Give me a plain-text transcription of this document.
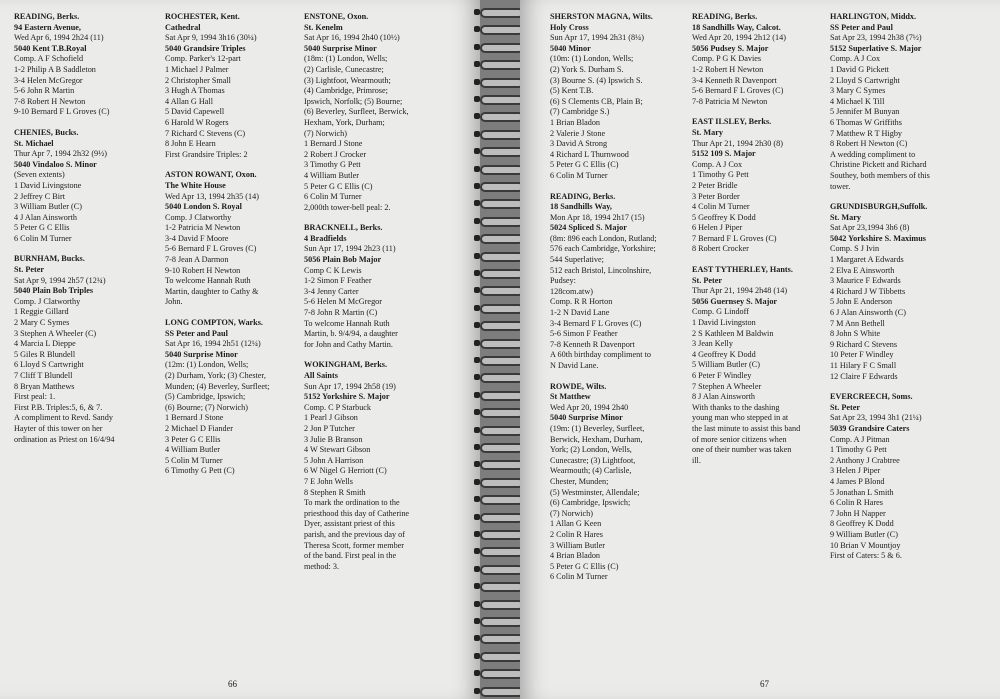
READING, Berks.
94 Eastern Avenue,
Wed Apr 6, 1994 2h24 (11)
5040 Kent T.B.Royal
Comp. A F Schofield
1-2 Philip A B Saddleton
3-4 Helen McGregor
5-6 John R Martin
7-8 Robert H Newton
9-10 Bernard F L Groves (C)
CHENIES, Bucks.
St. Michael
Thur Apr 7, 1994 2h32 (9½)
5040 Vindaloo S. Minor
(Seven extents)
1 David Livingstone
2 Jeffrey C Birt
3 William Butler (C)
4 J Alan Ainsworth
5 Peter G C Ellis
6 Colin M Turner
BURNHAM, Bucks.
St. Peter
Sat Apr 9, 1994 2h57 (12¾)
5040 Plain Bob Triples
Comp. J Clatworthy
1 Reggie Gillard
2 Mary C Symes
3 Stephen A Wheeler (C)
4 Marcia L Dieppe
5 Giles R Blundell
6 Lloyd S Cartwright
7 Cliff T Blundell
8 Bryan Matthews
First peal: 1.
First P.B. Triples:5, 6, & 7.
A compliment to Revd. Sandy
Hayter of this tower on her
ordination as Priest on 16/4/94
ROCHESTER, Kent.
Cathedral
Sat Apr 9, 1994 3h16 (30¼)
5040 Grandsire Triples
Comp. Parker's 12-part
1 Michael J Palmer
2 Christopher Small
3 Hugh A Thomas
4 Allan G Hall
5 David Capewell
6 Harold W Rogers
7 Richard C Stevens (C)
8 John E Hearn
First Grandsire Triples: 2
ASTON ROWANT, Oxon.
The White House
Wed Apr 13, 1994 2h35 (14)
5040 London S. Royal
Comp. J Clatworthy
1-2 Patricia M Newton
3-4 David F Moore
5-6 Bernard F L Groves (C)
7-8 Jean A Darmon
9-10 Robert H Newton
To welcome Hannah Ruth
Martin, daughter to Cathy &
John.
LONG COMPTON, Warks.
SS Peter and Paul
Sat Apr 16, 1994 2h51 (12¼)
5040 Surprise Minor
(12m: (1) London, Wells;
(2) Durham, York; (3) Chester,
Munden; (4) Beverley, Surfleet;
(5) Cambridge, Ipswich;
(6) Bourne; (7) Norwich)
1 Bernard J Stone
2 Michael D Fiander
3 Peter G C Ellis
4 William Butler
5 Colin M Turner
6 Timothy G Pett (C)
ENSTONE, Oxon.
St. Kenelm
Sat Apr 16, 1994 2h40 (10½)
5040 Surprise Minor
(18m: (1) London, Wells;
(2) Carlisle, Cunecastre;
(3) Lightfoot, Wearmouth;
(4) Cambridge, Primrose;
Ipswich, Norfolk; (5) Bourne;
(6) Beverley, Surfleet, Berwick,
Hexham, York, Durham;
(7) Norwich)
1 Bernard J Stone
2 Robert J Crocker
3 Timothy G Pett
4 William Butler
5 Peter G C Ellis (C)
6 Colin M Turner
2,000th tower-bell peal: 2.
BRACKNELL, Berks.
4 Bradfields
Sun Apr 17, 1994 2h23 (11)
5056 Plain Bob Major
Comp C K Lewis
1-2 Simon F Feather
3-4 Jenny Carter
5-6 Helen M McGregor
7-8 John R Martin (C)
To welcome Hannah Ruth
Martin, b. 9/4/94, a daughter
for John and Cathy Martin.
WOKINGHAM, Berks.
All Saints
Sun Apr 17, 1994 2h58 (19)
5152 Yorkshire S. Major
Comp. C P Starbuck
1 Pearl J Gibson
2 Jon P Tutcher
3 Julie B Branson
4 W Stewart Gibson
5 John A Harrison
6 W Nigel G Herriott (C)
7 E John Wells
8 Stephen R Smith
To mark the ordination to the
priesthood this day of Catherine
Dyer, assistant priest of this
parish, and the previous day of
Theresa Scott, former member
of the band. First peal in the
method: 3.
66
SHERSTON MAGNA, Wilts.
Holy Cross
Sun Apr 17, 1994 2h31 (8¼)
5040 Minor
(10m: (1) London, Wells;
(2) York S. Durham S.
(3) Bourne S. (4) Ipswich S.
(5) Kent T.B.
(6) S Clements CB, Plain B;
(7) Cambridge S.)
1 Brian Bladon
2 Valerie J Stone
3 David A Strong
4 Richard L Thurnwood
5 Peter G C Ellis (C)
6 Colin M Turner
READING, Berks.
18 Sandhills Way,
Mon Apr 18, 1994 2h17 (15)
5024 Spliced S. Major
(8m: 896 each London, Rutland;
576 each Cambridge, Yorkshire;
544 Superlative;
512 each Bristol, Lincolnshire,
Pudsey:
128com.atw)
Comp. R R Horton
1-2 N David Lane
3-4 Bernard F L Groves (C)
5-6 Simon F Feather
7-8 Kenneth R Davenport
A 60th birthday compliment to
N David Lane.
ROWDE, Wilts.
St Matthew
Wed Apr 20, 1994 2h40
5040 Surprise Minor
(19m: (1) Beverley, Surfleet,
Berwick, Hexham, Durham,
York; (2) London, Wells,
Cunecastre; (3) Lightfoot,
Wearmouth; (4) Carlisle,
Chester, Munden;
(5) Westminster, Allendale;
(6) Cambridge, Ipswich;
(7) Norwich)
1 Allan G Keen
2 Colin R Hares
3 William Butler
4 Brian Bladon
5 Peter G C Ellis (C)
6 Colin M Turner
READING, Berks.
18 Sandhills Way, Calcot.
Wed Apr 20, 1994 2h12 (14)
5056 Pudsey S. Major
Comp. P G K Davies
1-2 Robert H Newton
3-4 Kenneth R Davenport
5-6 Bernard F L Groves (C)
7-8 Patricia M Newton
EAST ILSLEY, Berks.
St. Mary
Thur Apr 21, 1994 2h30 (8)
5152 109 S. Major
Comp. A J Cox
1 Timothy G Pett
2 Peter Bridle
3 Peter Border
4 Colin M Turner
5 Geoffrey K Dodd
6 Helen J Piper
7 Bernard F L Groves (C)
8 Robert Crocker
EAST TYTHERLEY, Hants.
St. Peter
Thur Apr 21, 1994 2h48 (14)
5056 Guernsey S. Major
Comp. G Lindoff
1 David Livingston
2 S Kathleen M Baldwin
3 Jean Kelly
4 Geoffrey K Dodd
5 William Butler (C)
6 Peter F Windley
7 Stephen A Wheeler
8 J Alan Ainsworth
With thanks to the dashing
young man who stepped in at
the last minute to assist this band
of more senior citizens when
one of their number was taken
ill.
HARLINGTON, Middx.
SS Peter and Paul
Sat Apr 23, 1994 2h38 (7½)
5152 Superlative S. Major
Comp. A J Cox
1 David G Pickett
2 Lloyd S Cartwright
3 Mary C Symes
4 Michael K Till
5 Jennifer M Bunyan
6 Thomas W Griffiths
7 Matthew R T Higby
8 Robert H Newton (C)
A wedding compliment to
Christine Pickett and Richard
Southey, both members of this
tower.
GRUNDISBURGH,Suffolk.
St. Mary
Sat Apr 23,1994 3h6 (8)
5042 Yorkshire S. Maximus
Comp. S J Ivin
1 Margaret A Edwards
2 Elva E Ainsworth
3 Maurice F Edwards
4 Richard J W Tibbetts
5 John E Anderson
6 J Alan Ainsworth (C)
7 M Ann Bethell
8 John S White
9 Richard C Stevens
10 Peter F Windley
11 Hilary F C Small
12 Claire F Edwards
EVERCREECH, Soms.
St. Peter
Sat Apr 23, 1994 3h1 (21¼)
5039 Grandsire Caters
Comp. A J Pitman
1 Timothy G Pett
2 Anthony J Crabtree
3 Helen J Piper
4 James P Blond
5 Jonathan L Smith
6 Colin R Hares
7 John H Napper
8 Geoffrey K Dodd
9 William Butler (C)
10 Brian V Mountjoy
First of Caters: 5 & 6.
67
